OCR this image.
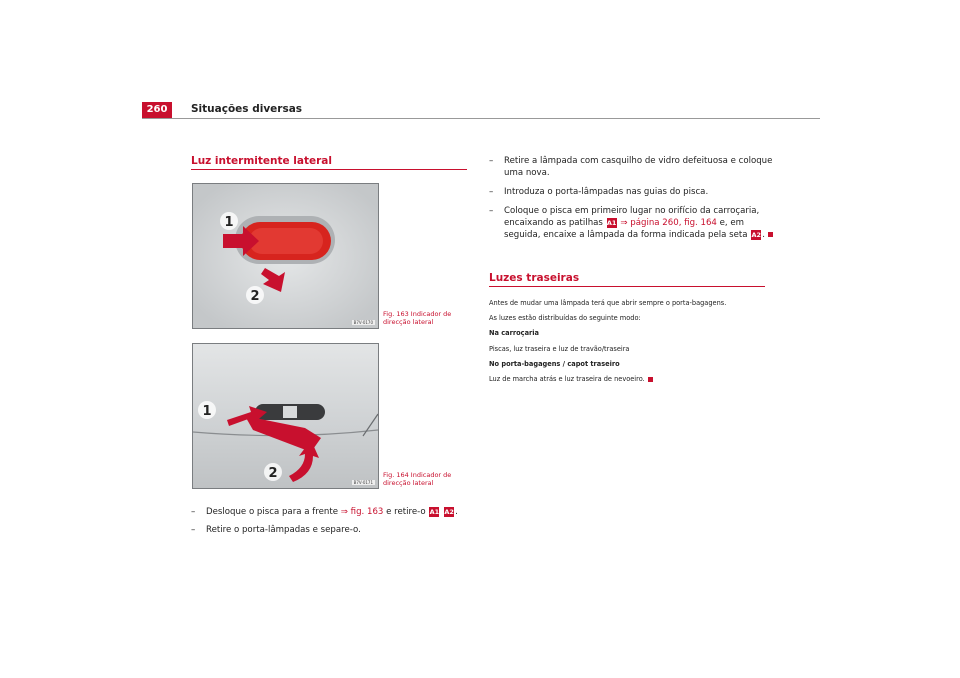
260	Situações diversas
Luz intermitente lateral
1
2
B7V-0170
Fig. 163 Indicador de direcção lateral
1
2
B7V-0171
Fig. 164 Indicador de direcção lateral
–	Desloque o pisca para a frente ⇒ fig. 163 e retire-o A1 A2.
–	Retire o porta-lâmpadas e separe-o.
– Retire a lâmpada com casquilho de vidro defeituosa e coloque
uma nova.
–	Introduza o porta-lâmpadas nas guias do pisca.
– Coloque o pisca em primeiro lugar no orifício da carroçaria,
encaixando as patilhas A1 ⇒ página 260, fig. 164 e, em
seguida, encaixe a lâmpada da forma indicada pela seta A2.
Luzes traseiras
Antes de mudar uma lâmpada terá que abrir sempre o porta-bagagens.
As luzes estão distribuídas do seguinte modo:
Na carroçaria
Piscas, luz traseira e luz de travão/traseira
No porta-bagagens / capot traseiro
Luz de marcha atrás e luz traseira de nevoeiro.
